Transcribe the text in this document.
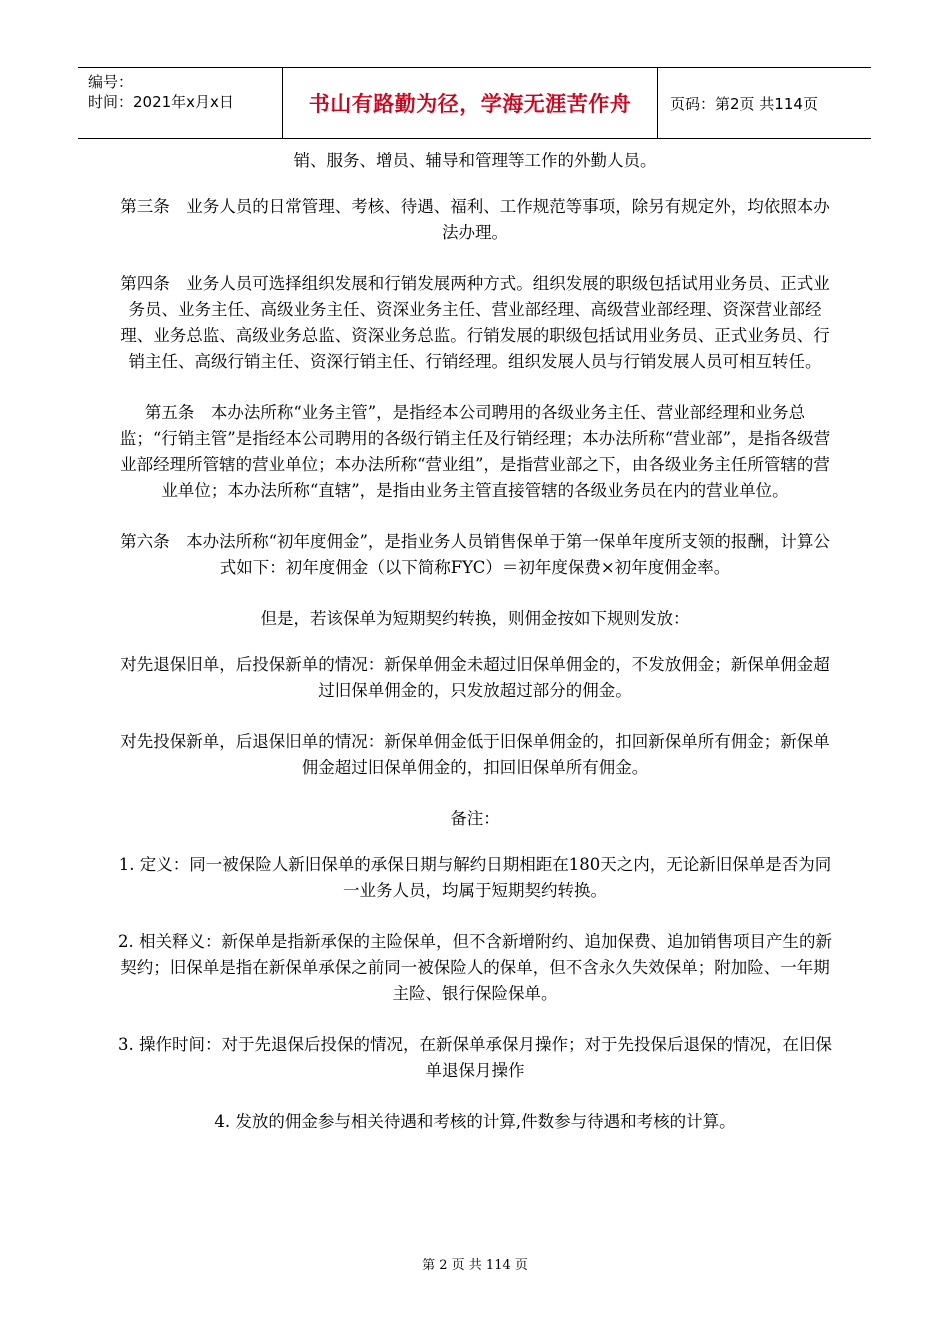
编号：
时间：2021年x月x日	书山有路勤为径，学海无涯苦作舟	页码：第2页 共114页

销、服务、增员、辅导和管理等工作的外勤人员。

第三条　业务人员的日常管理、考核、待遇、福利、工作规范等事项，除另有规定外，均依照本办法办理。

第四条　业务人员可选择组织发展和行销发展两种方式。组织发展的职级包括试用业务员、正式业务员、业务主任、高级业务主任、资深业务主任、营业部经理、高级营业部经理、资深营业部经理、业务总监、高级业务总监、资深业务总监。行销发展的职级包括试用业务员、正式业务员、行销主任、高级行销主任、资深行销主任、行销经理。组织发展人员与行销发展人员可相互转任。

第五条　本办法所称“业务主管”，是指经本公司聘用的各级业务主任、营业部经理和业务总监；“行销主管”是指经本公司聘用的各级行销主任及行销经理；本办法所称“营业部”，是指各级营业部经理所管辖的营业单位；本办法所称“营业组”，是指营业部之下，由各级业务主任所管辖的营业单位；本办法所称“直辖”，是指由业务主管直接管辖的各级业务员在内的营业单位。

第六条　本办法所称“初年度佣金”，是指业务人员销售保单于第一保单年度所支领的报酬，计算公式如下：初年度佣金（以下简称FYC）＝初年度保费×初年度佣金率。

但是，若该保单为短期契约转换，则佣金按如下规则发放：

对先退保旧单，后投保新单的情况：新保单佣金未超过旧保单佣金的，不发放佣金；新保单佣金超过旧保单佣金的，只发放超过部分的佣金。

对先投保新单，后退保旧单的情况：新保单佣金低于旧保单佣金的，扣回新保单所有佣金；新保单佣金超过旧保单佣金的，扣回旧保单所有佣金。

备注：

1. 定义：同一被保险人新旧保单的承保日期与解约日期相距在180天之内，无论新旧保单是否为同一业务人员，均属于短期契约转换。

2. 相关释义：新保单是指新承保的主险保单，但不含新增附约、追加保费、追加销售项目产生的新契约；旧保单是指在新保单承保之前同一被保险人的保单，但不含永久失效保单；附加险、一年期主险、银行保险保单。

3. 操作时间：对于先退保后投保的情况，在新保单承保月操作；对于先投保后退保的情况，在旧保单退保月操作

4. 发放的佣金参与相关待遇和考核的计算,件数参与待遇和考核的计算。

第 2 页 共 114 页
